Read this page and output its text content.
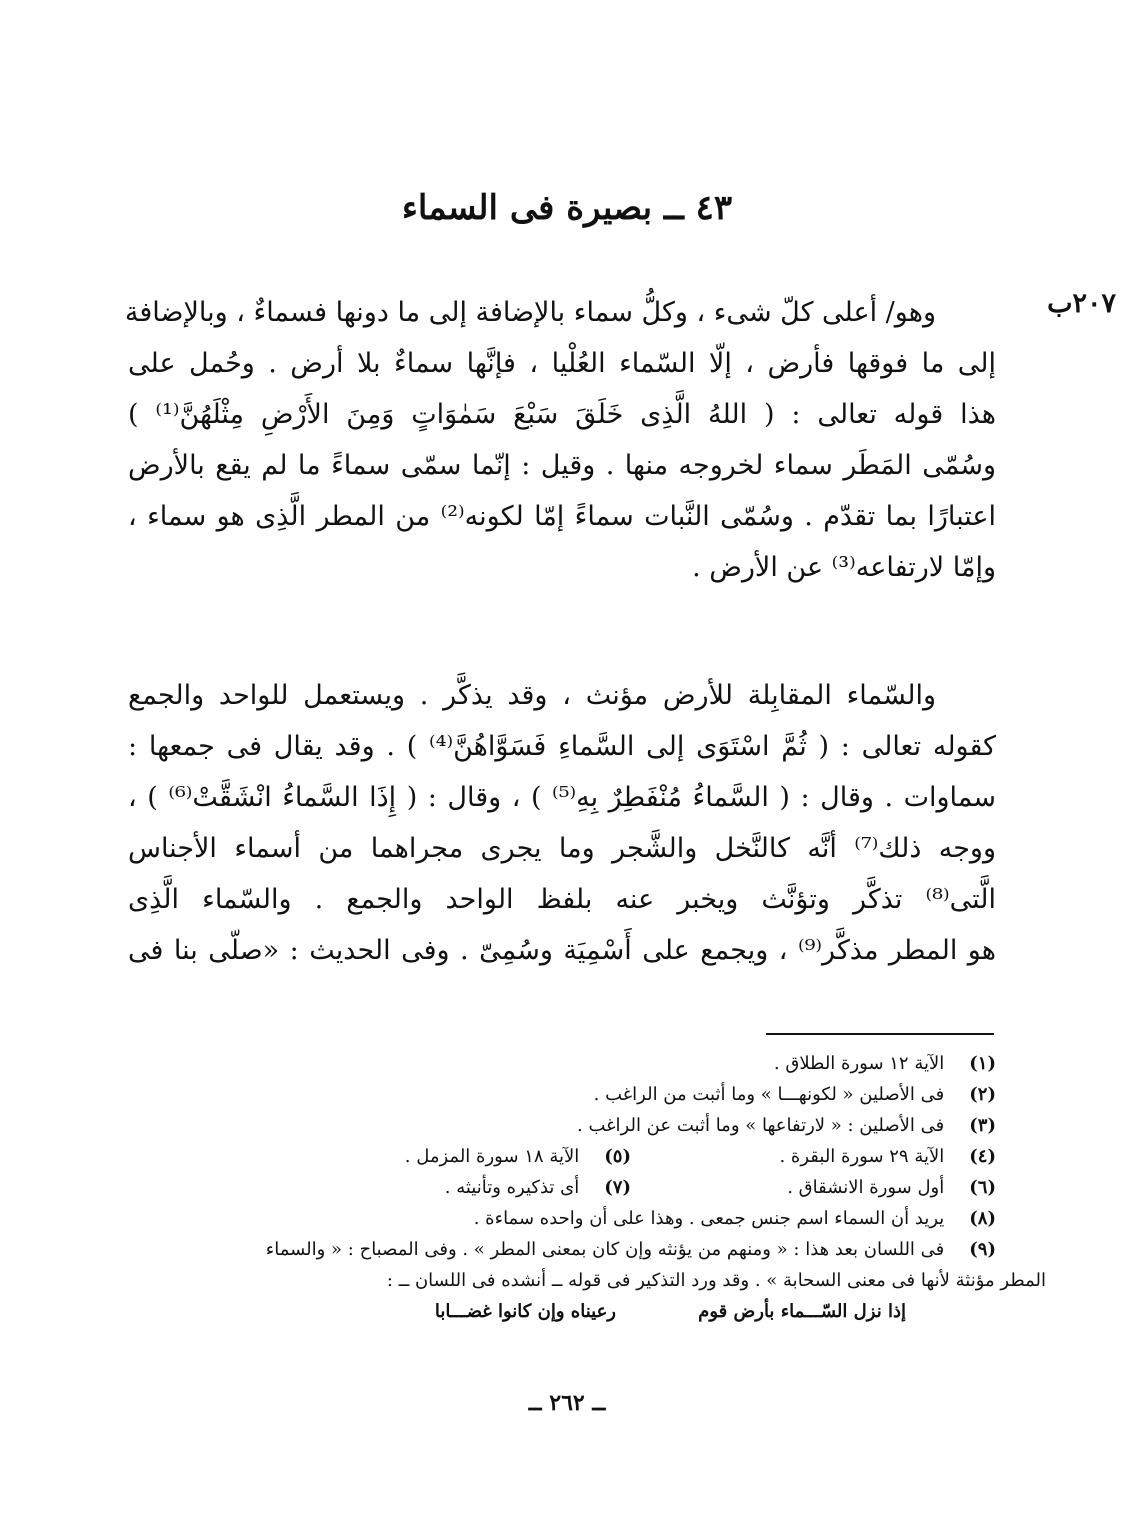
٤٣ ــ بصيرة فى السماء
٢٠٧ب
وهو/ أعلى كلّ شىء ، وكلُّ سماء بالإضافة إلى ما دونها فسماءٌ ، وبالإضافة
إلى ما فوقها فأرض ، إلّا السّماء العُلْيا ، فإنَّها سماءٌ بلا أرض . وحُمل على
هذا قوله تعالى : ( اللهُ الَّذِى خَلَقَ سَبْعَ سَمٰوَاتٍ وَمِنَ الأَرْضِ مِثْلَهُنَّ⁽¹⁾ )
وسُمّى المَطَر سماء لخروجه منها . وقيل : إنّما سمّى سماءً ما لم يقع بالأرض
اعتبارًا بما تقدّم . وسُمّى النَّبات سماءً إمّا لكونه⁽²⁾ من المطر الَّذِى هو سماء ،
وإمّا لارتفاعه⁽³⁾ عن الأرض .
والسّماء المقابِلة للأرض مؤنث ، وقد يذكَّر . ويستعمل للواحد والجمع
كقوله تعالى : ( ثُمَّ اسْتَوَى إلى السَّماءِ فَسَوَّاهُنَّ⁽⁴⁾ ) . وقد يقال فى جمعها :
سماوات . وقال : ( السَّماءُ مُنْفَطِرٌ بِهِ⁽⁵⁾ ) ، وقال : ( إِذَا السَّماءُ انْشَقَّتْ⁽⁶⁾ ) ،
ووجه ذلك⁽⁷⁾ أنَّه كالنَّخل والشَّجر وما يجرى مجراهما من أسماء الأجناس
الَّتى⁽⁸⁾ تذكَّر وتؤنَّث ويخبر عنه بلفظ الواحد والجمع . والسّماء الَّذِى
هو المطر مذكَّر⁽⁹⁾ ، ويجمع على أَسْمِيَة وسُمِىّ . وفى الحديث : «صلّى بنا فى
(١) الآية ١٢ سورة الطلاق .
(٢) فى الأصلين « لكونهـــا » وما أثبت من الراغب .
(٣) فى الأصلين : « لارتفاعها » وما أثبت عن الراغب .
(٤) الآية ٢٩ سورة البقرة .
(٥) الآية ١٨ سورة المزمل .
(٦) أول سورة الانشقاق .
(٧) أى تذكيره وتأنيثه .
(٨) يريد أن السماء اسم جنس جمعى . وهذا على أن واحده سماءة .
(٩) فى اللسان بعد هذا : « ومنهم من يؤنثه وإن كان بمعنى المطر » . وفى المصباح : « والسماء
المطر مؤنثة لأنها فى معنى السحابة » . وقد ورد التذكير فى قوله ــ أنشده فى اللسان ــ :
إذا نزل السّـــماء بأرض قوم
رعيناه وإن كانوا غضـــابا
ــ ٢٦٢ ــ
